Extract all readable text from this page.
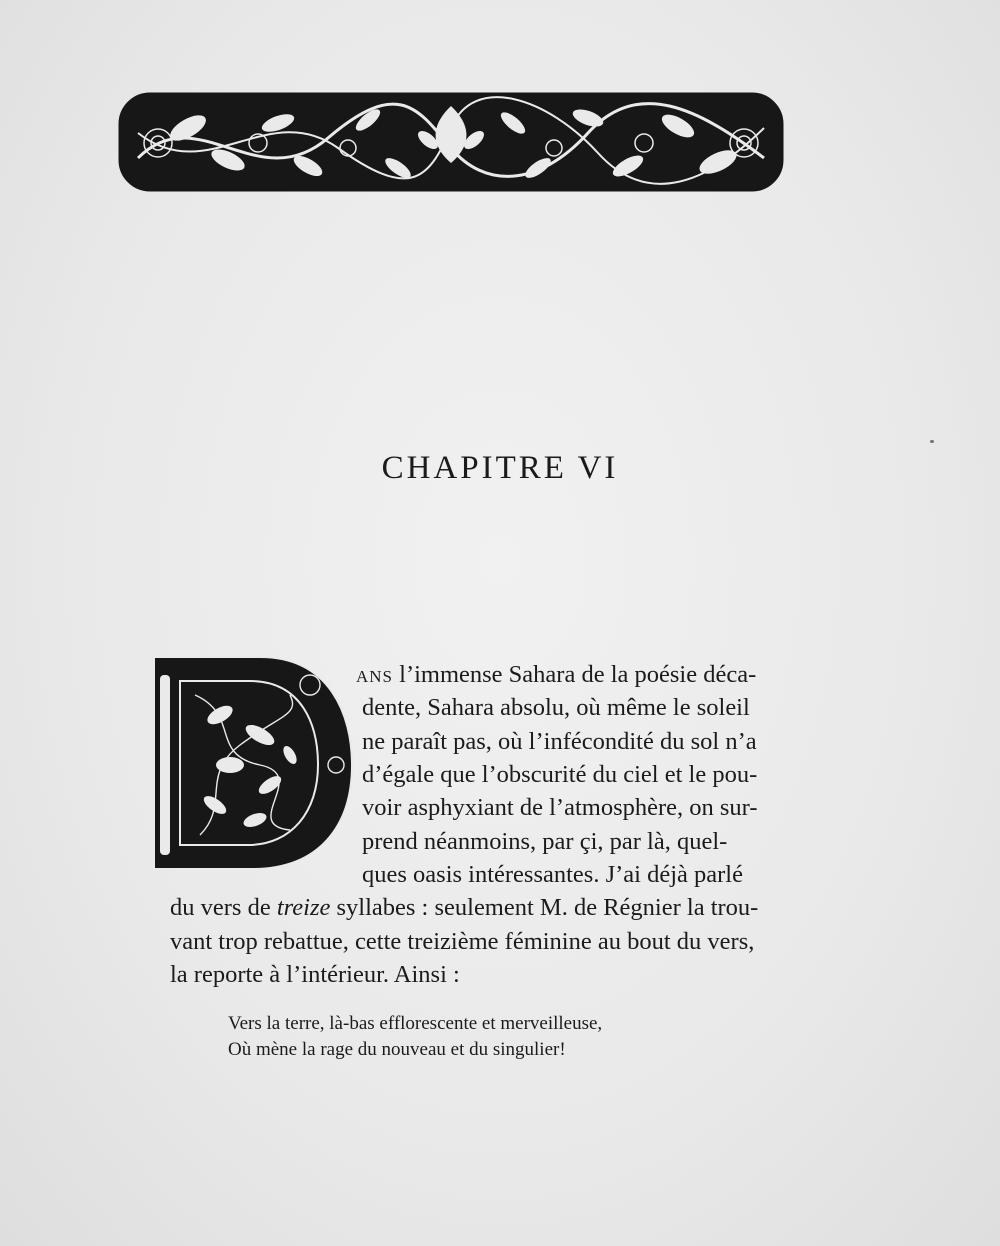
CHAPITRE VI
ans l’immense Sahara de la poésie déca-
dente, Sahara absolu, où même le soleil
ne paraît pas, où l’infécondité du sol n’a
d’égale que l’obscurité du ciel et le pou-
voir asphyxiant de l’atmosphère, on sur-
prend néanmoins, par çi, par là, quel-
ques oasis intéressantes. J’ai déjà parlé
du vers de treize syllabes : seulement M. de Régnier la trou-
vant trop rebattue, cette treizième féminine au bout du vers,
la reporte à l’intérieur. Ainsi :
Vers la terre, là-bas efflorescente et merveilleuse,
Où mène la rage du nouveau et du singulier!
